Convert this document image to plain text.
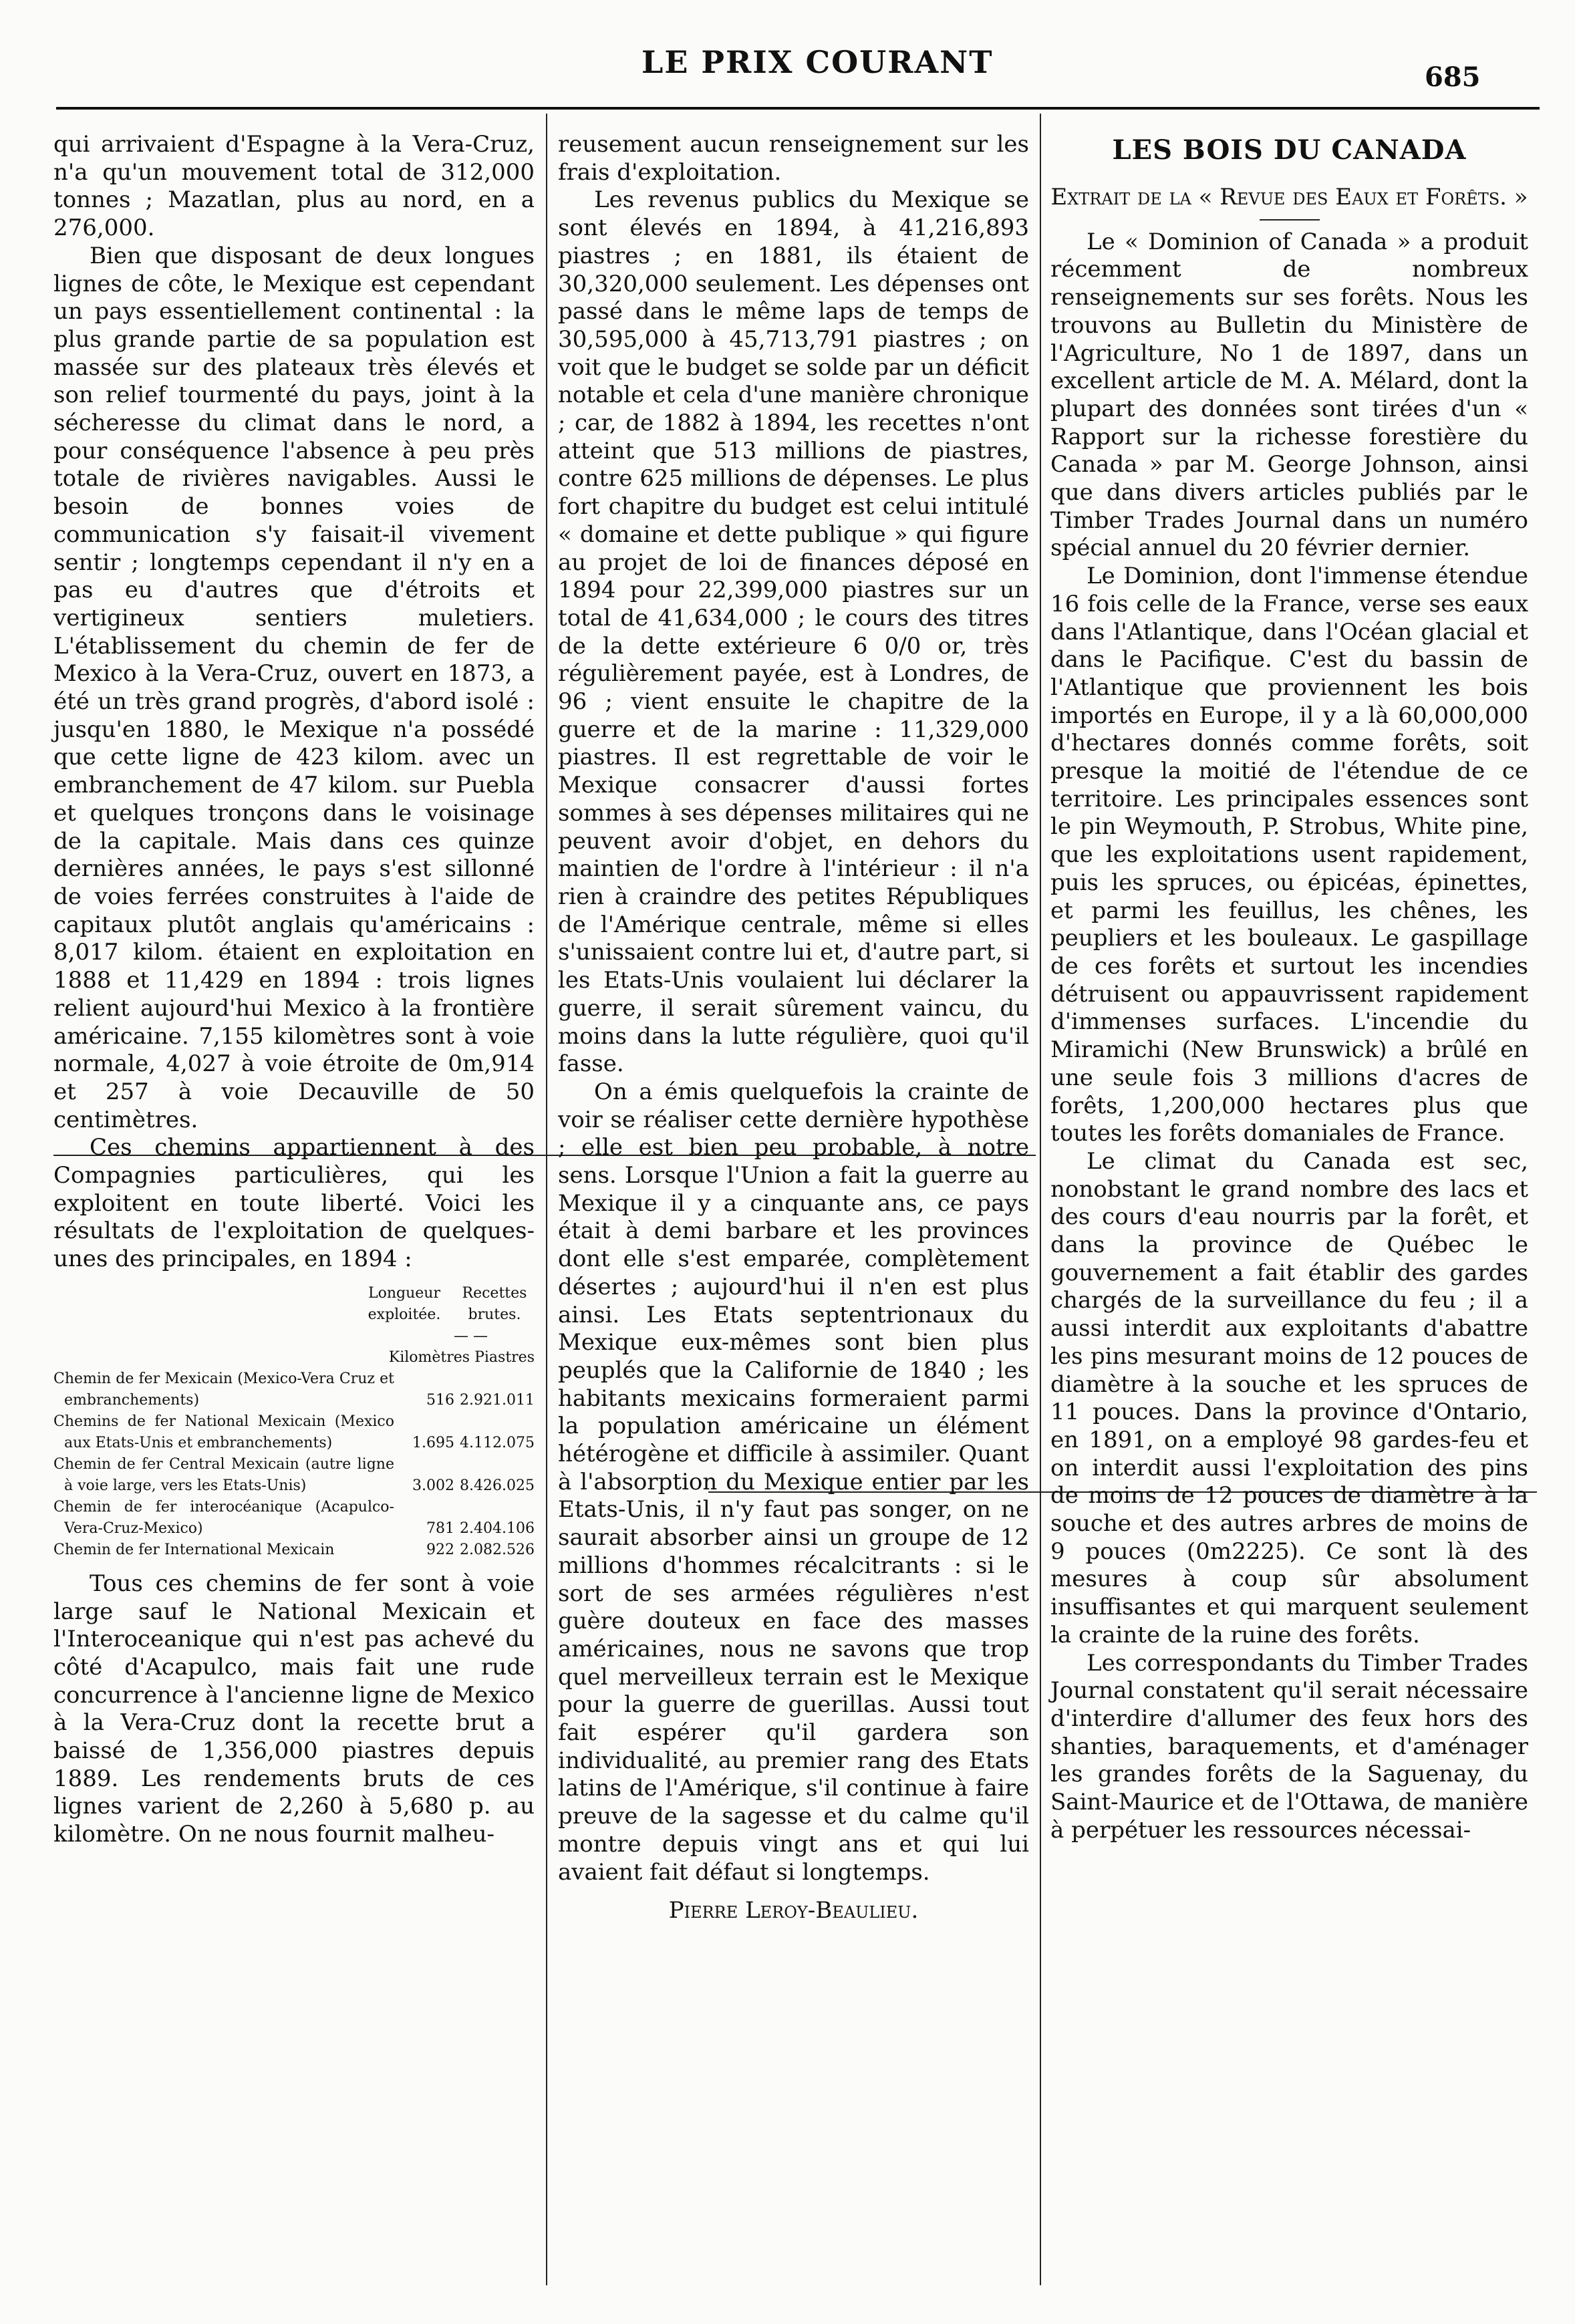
LE PRIX COURANT	685

qui arrivaient d'Espagne à la Vera-Cruz, n'a qu'un mouvement total de 312,000 tonnes ; Mazatlan, plus au nord, en a 276,000.

Bien que disposant de deux longues lignes de côte, le Mexique est cependant un pays essentiellement continental : la plus grande partie de sa population est massée sur des plateaux très élevés et son relief tourmenté du pays, joint à la sécheresse du climat dans le nord, a pour conséquence l'absence à peu près totale de rivières navigables. Aussi le besoin de bonnes voies de communication s'y faisait-il vivement sentir ; longtemps cependant il n'y en a pas eu d'autres que d'étroits et vertigineux sentiers muletiers. L'établissement du chemin de fer de Mexico à la Vera-Cruz, ouvert en 1873, a été un très grand progrès, d'abord isolé : jusqu'en 1880, le Mexique n'a possédé que cette ligne de 423 kilom. avec un embranchement de 47 kilom. sur Puebla et quelques tronçons dans le voisinage de la capitale. Mais dans ces quinze dernières années, le pays s'est sillonné de voies ferrées construites à l'aide de capitaux plutôt anglais qu'américains : 8,017 kilom. étaient en exploitation en 1888 et 11,429 en 1894 : trois lignes relient aujourd'hui Mexico à la frontière américaine. 7,155 kilomètres sont à voie normale, 4,027 à voie étroite de 0m,914 et 257 à voie Decauville de 50 centimètres.

Ces chemins appartiennent à des Compagnies particulières, qui les exploitent en toute liberté. Voici les résultats de l'exploitation de quelques-unes des principales, en 1894 :

Longueur
exploitée.
Recettes
brutes.
— —
Kilomètres Piastres
Chemin de fer Mexicain (Mexico-Vera Cruz et embranchements)	516 2.921.011
Chemins de fer National Mexicain (Mexico aux Etats-Unis et embranchements)	1.695 4.112.075
Chemin de fer Central Mexicain (autre ligne à voie large, vers les Etats-Unis)	3.002 8.426.025
Chemin de fer interocéanique (Acapulco-Vera-Cruz-Mexico)	781 2.404.106
Chemin de fer International Mexicain	922 2.082.526

Tous ces chemins de fer sont à voie large sauf le National Mexicain et l'Interoceanique qui n'est pas achevé du côté d'Acapulco, mais fait une rude concurrence à l'ancienne ligne de Mexico à la Vera-Cruz dont la recette brut a baissé de 1,356,000 piastres depuis 1889. Les rendements bruts de ces lignes varient de 2,260 à 5,680 p. au kilomètre. On ne nous fournit malheu-

reusement aucun renseignement sur les frais d'exploitation.

Les revenus publics du Mexique se sont élevés en 1894, à 41,216,893 piastres ; en 1881, ils étaient de 30,320,000 seulement. Les dépenses ont passé dans le même laps de temps de 30,595,000 à 45,713,791 piastres ; on voit que le budget se solde par un déficit notable et cela d'une manière chronique ; car, de 1882 à 1894, les recettes n'ont atteint que 513 millions de piastres, contre 625 millions de dépenses. Le plus fort chapitre du budget est celui intitulé « domaine et dette publique » qui figure au projet de loi de finances déposé en 1894 pour 22,399,000 piastres sur un total de 41,634,000 ; le cours des titres de la dette extérieure 6 0/0 or, très régulièrement payée, est à Londres, de 96 ; vient ensuite le chapitre de la guerre et de la marine : 11,329,000 piastres. Il est regrettable de voir le Mexique consacrer d'aussi fortes sommes à ses dépenses militaires qui ne peuvent avoir d'objet, en dehors du maintien de l'ordre à l'intérieur : il n'a rien à craindre des petites Républiques de l'Amérique centrale, même si elles s'unissaient contre lui et, d'autre part, si les Etats-Unis voulaient lui déclarer la guerre, il serait sûrement vaincu, du moins dans la lutte régulière, quoi qu'il fasse.

On a émis quelquefois la crainte de voir se réaliser cette dernière hypothèse ; elle est bien peu probable, à notre sens. Lorsque l'Union a fait la guerre au Mexique il y a cinquante ans, ce pays était à demi barbare et les provinces dont elle s'est emparée, complètement désertes ; aujourd'hui il n'en est plus ainsi. Les Etats septentrionaux du Mexique eux-mêmes sont bien plus peuplés que la Californie de 1840 ; les habitants mexicains formeraient parmi la population américaine un élément hétérogène et difficile à assimiler. Quant à l'absorption du Mexique entier par les Etats-Unis, il n'y faut pas songer, on ne saurait absorber ainsi un groupe de 12 millions d'hommes récalcitrants : si le sort de ses armées régulières n'est guère douteux en face des masses américaines, nous ne savons que trop quel merveilleux terrain est le Mexique pour la guerre de guerillas. Aussi tout fait espérer qu'il gardera son individualité, au premier rang des Etats latins de l'Amérique, s'il continue à faire preuve de la sagesse et du calme qu'il montre depuis vingt ans et qui lui avaient fait défaut si longtemps.

Pierre Leroy-Beaulieu.

LES BOIS DU CANADA

Extrait de la « Revue des Eaux et Forêts. »

Le « Dominion of Canada » a produit récemment de nombreux renseignements sur ses forêts. Nous les trouvons au Bulletin du Ministère de l'Agriculture, No 1 de 1897, dans un excellent article de M. A. Mélard, dont la plupart des données sont tirées d'un « Rapport sur la richesse forestière du Canada » par M. George Johnson, ainsi que dans divers articles publiés par le Timber Trades Journal dans un numéro spécial annuel du 20 février dernier.

Le Dominion, dont l'immense étendue 16 fois celle de la France, verse ses eaux dans l'Atlantique, dans l'Océan glacial et dans le Pacifique. C'est du bassin de l'Atlantique que proviennent les bois importés en Europe, il y a là 60,000,000 d'hectares donnés comme forêts, soit presque la moitié de l'étendue de ce territoire. Les principales essences sont le pin Weymouth, P. Strobus, White pine, que les exploitations usent rapidement, puis les spruces, ou épicéas, épinettes, et parmi les feuillus, les chênes, les peupliers et les bouleaux. Le gaspillage de ces forêts et surtout les incendies détruisent ou appauvrissent rapidement d'immenses surfaces. L'incendie du Miramichi (New Brunswick) a brûlé en une seule fois 3 millions d'acres de forêts, 1,200,000 hectares plus que toutes les forêts domaniales de France.

Le climat du Canada est sec, nonobstant le grand nombre des lacs et des cours d'eau nourris par la forêt, et dans la province de Québec le gouvernement a fait établir des gardes chargés de la surveillance du feu ; il a aussi interdit aux exploitants d'abattre les pins mesurant moins de 12 pouces de diamètre à la souche et les spruces de 11 pouces. Dans la province d'Ontario, en 1891, on a employé 98 gardes-feu et on interdit aussi l'exploitation des pins de moins de 12 pouces de diamètre à la souche et des autres arbres de moins de 9 pouces (0m2225). Ce sont là des mesures à coup sûr absolument insuffisantes et qui marquent seulement la crainte de la ruine des forêts.

Les correspondants du Timber Trades Journal constatent qu'il serait nécessaire d'interdire d'allumer des feux hors des shanties, baraquements, et d'aménager les grandes forêts de la Saguenay, du Saint-Maurice et de l'Ottawa, de manière à perpétuer les ressources nécessai-
